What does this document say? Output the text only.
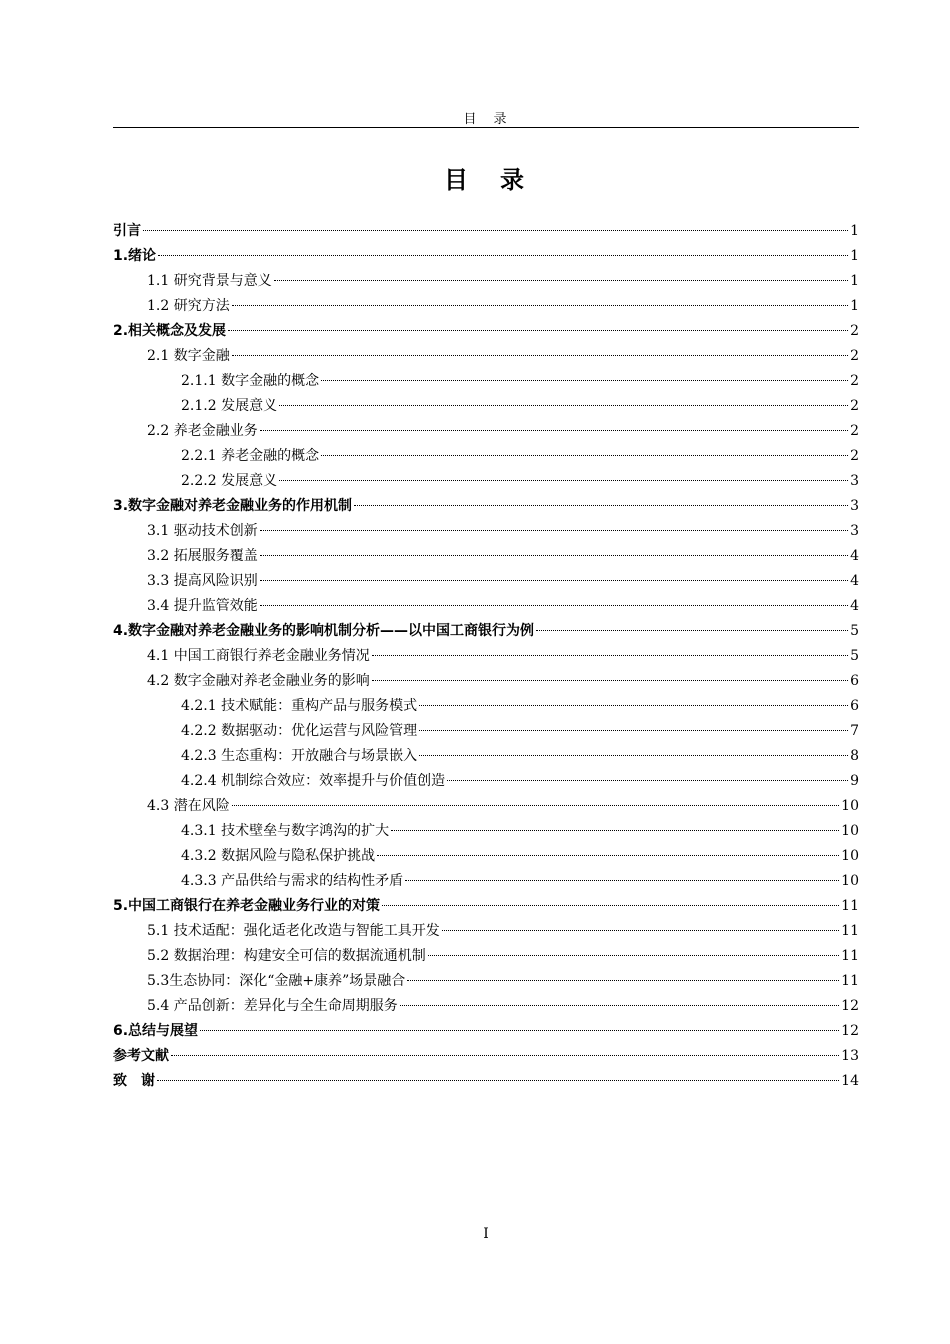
目　录
目　录
引言	1
1.绪论	1
1.1 研究背景与意义	1
1.2 研究方法	1
2.相关概念及发展	2
2.1 数字金融	2
2.1.1 数字金融的概念	2
2.1.2 发展意义	2
2.2 养老金融业务	2
2.2.1 养老金融的概念	2
2.2.2 发展意义	3
3.数字金融对养老金融业务的作用机制	3
3.1 驱动技术创新	3
3.2 拓展服务覆盖	4
3.3 提高风险识别	4
3.4 提升监管效能	4
4.数字金融对养老金融业务的影响机制分析——以中国工商银行为例	5
4.1 中国工商银行养老金融业务情况	5
4.2 数字金融对养老金融业务的影响	6
4.2.1 技术赋能：重构产品与服务模式	6
4.2.2 数据驱动：优化运营与风险管理	7
4.2.3 生态重构：开放融合与场景嵌入	8
4.2.4 机制综合效应：效率提升与价值创造	9
4.3 潜在风险	10
4.3.1 技术壁垒与数字鸿沟的扩大	10
4.3.2 数据风险与隐私保护挑战	10
4.3.3 产品供给与需求的结构性矛盾	10
5.中国工商银行在养老金融业务行业的对策	11
5.1 技术适配：强化适老化改造与智能工具开发	11
5.2 数据治理：构建安全可信的数据流通机制	11
5.3生态协同：深化“金融+康养”场景融合	11
5.4 产品创新：差异化与全生命周期服务	12
6.总结与展望	12
参考文献	13
致　谢	14
I
